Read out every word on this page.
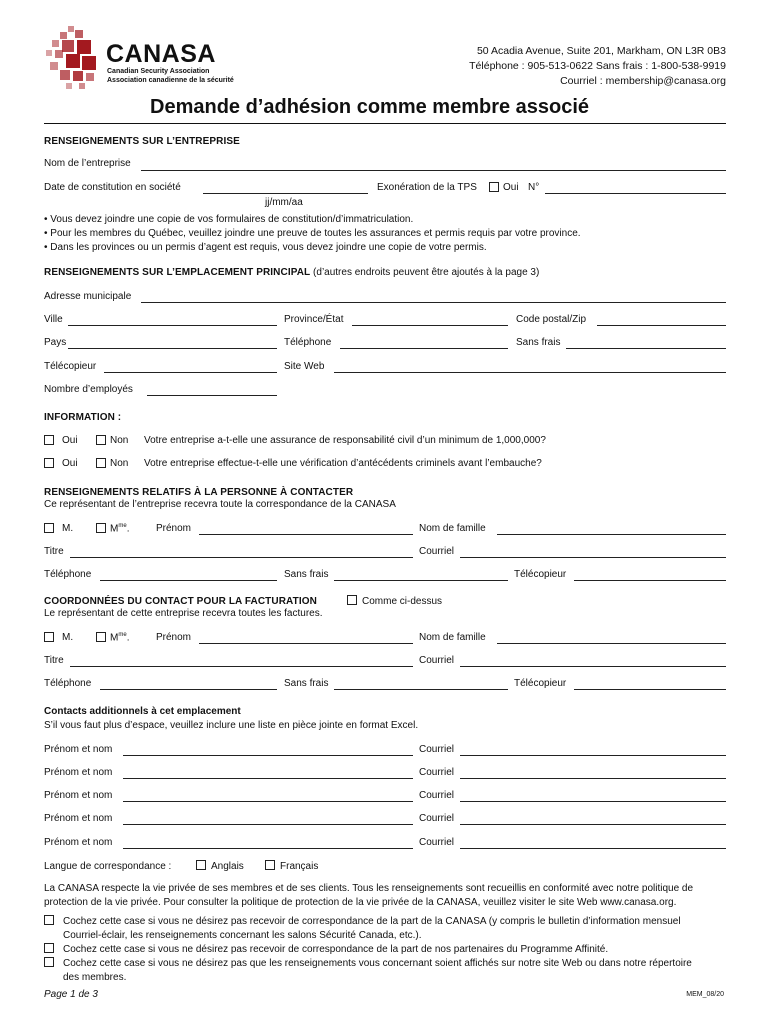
CANASA
Canadian Security Association
Association canadienne de la sécurité
50 Acadia Avenue, Suite 201, Markham, ON L3R 0B3
Téléphone : 905-513-0622 Sans frais : 1-800-538-9919
Courriel : membership@canasa.org
Demande d’adhésion comme membre associé
RENSEIGNEMENTS SUR L’ENTREPRISE
Nom de l’entreprise
Date de constitution en société
jj/mm/aa
Exonération de la TPS	Oui N°
• Vous devez joindre une copie de vos formulaires de constitution/d’immatriculation.
• Pour les membres du Québec, veuillez joindre une preuve de toutes les assurances et permis requis par votre province.
• Dans les provinces ou un permis d’agent est requis, vous devez joindre une copie de votre permis.
RENSEIGNEMENTS SUR L’EMPLACEMENT PRINCIPAL (d’autres endroits peuvent être ajoutés à la page 3)
Adresse municipale
Ville	Province/État	Code postal/Zip
Pays	Téléphone	Sans frais
Télécopieur	Site Web
Nombre d’employés
INFORMATION :
Oui	Non Votre entreprise a-t-elle une assurance de responsabilité civil d’un minimum de 1,000,000?
Oui	Non Votre entreprise effectue-t-elle une vérification d’antécédents criminels avant l’embauche?
RENSEIGNEMENTS RELATIFS À LA PERSONNE À CONTACTER
Ce représentant de l’entreprise recevra toute la correspondance de la CANASA
M.	$M^{me}$.	Prénom	Nom de famille
Titre	Courriel
Téléphone	Sans frais	Télécopieur
COORDONNÉES DU CONTACT POUR LA FACTURATION	Comme ci-dessus
Le représentant de cette entreprise recevra toutes les factures.
M.	$M^{me}$.	Prénom	Nom de famille
Titre	Courriel
Téléphone	Sans frais	Télécopieur
Contacts additionnels à cet emplacement
S’il vous faut plus d’espace, veuillez inclure une liste en pièce jointe en format Excel.
Prénom et nom	Courriel
Prénom et nom	Courriel
Prénom et nom	Courriel
Prénom et nom	Courriel
Prénom et nom	Courriel
Langue de correspondance :	Anglais	Français
La CANASA respecte la vie privée de ses membres et de ses clients. Tous les renseignements sont recueillis en conformité avec notre politique de
protection de la vie privée. Pour consulter la politique de protection de la vie privée de la CANASA, veuillez visiter le site Web www.canasa.org.
Cochez cette case si vous ne désirez pas recevoir de correspondance de la part de la CANASA (y compris le bulletin d’information mensuel
Courriel-éclair, les renseignements concernant les salons Sécurité Canada, etc.).
Cochez cette case si vous ne désirez pas recevoir de correspondance de la part de nos partenaires du Programme Affinité.
Cochez cette case si vous ne désirez pas que les renseignements vous concernant soient affichés sur notre site Web ou dans notre répertoire
des membres.
Page 1 de 3	MEM_08/20
